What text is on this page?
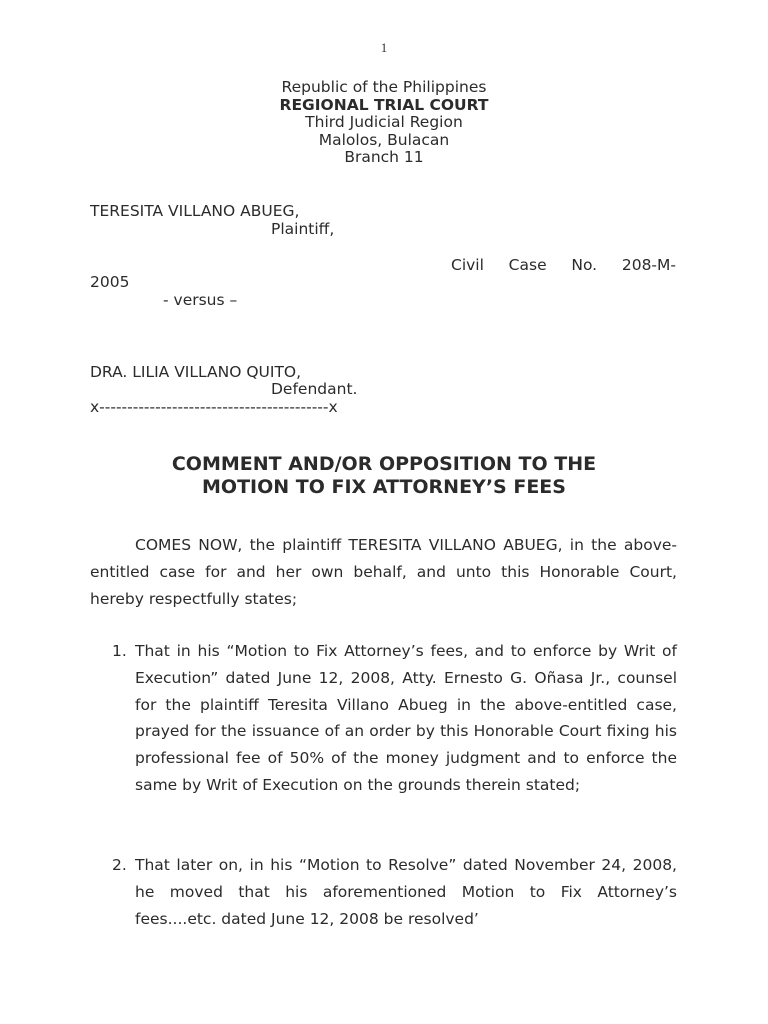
1
Republic of the Philippines
REGIONAL TRIAL COURT
Third Judicial Region
Malolos, Bulacan
Branch 11
TERESITA VILLANO ABUEG,
Plaintiff,
Civil Case No. 208-M-
2005
- versus –
DRA. LILIA VILLANO QUITO,
Defendant.
x-----------------------------------------x
COMMENT AND/OR OPPOSITION TO THE
MOTION TO FIX ATTORNEY’S FEES
COMES NOW, the plaintiff TERESITA VILLANO ABUEG, in the above-entitled case for and her own behalf, and unto this Honorable Court, hereby respectfully states;
1. That in his “Motion to Fix Attorney’s fees, and to enforce by Writ of Execution” dated June 12, 2008, Atty. Ernesto G. Oñasa Jr., counsel for the plaintiff Teresita Villano Abueg in the above-entitled case, prayed for the issuance of an order by this Honorable Court fixing his professional fee of 50% of the money judgment and to enforce the same by Writ of Execution on the grounds therein stated;
2. That later on, in his “Motion to Resolve” dated November 24, 2008, he moved that his aforementioned Motion to Fix Attorney’s fees....etc. dated June 12, 2008 be resolved’
